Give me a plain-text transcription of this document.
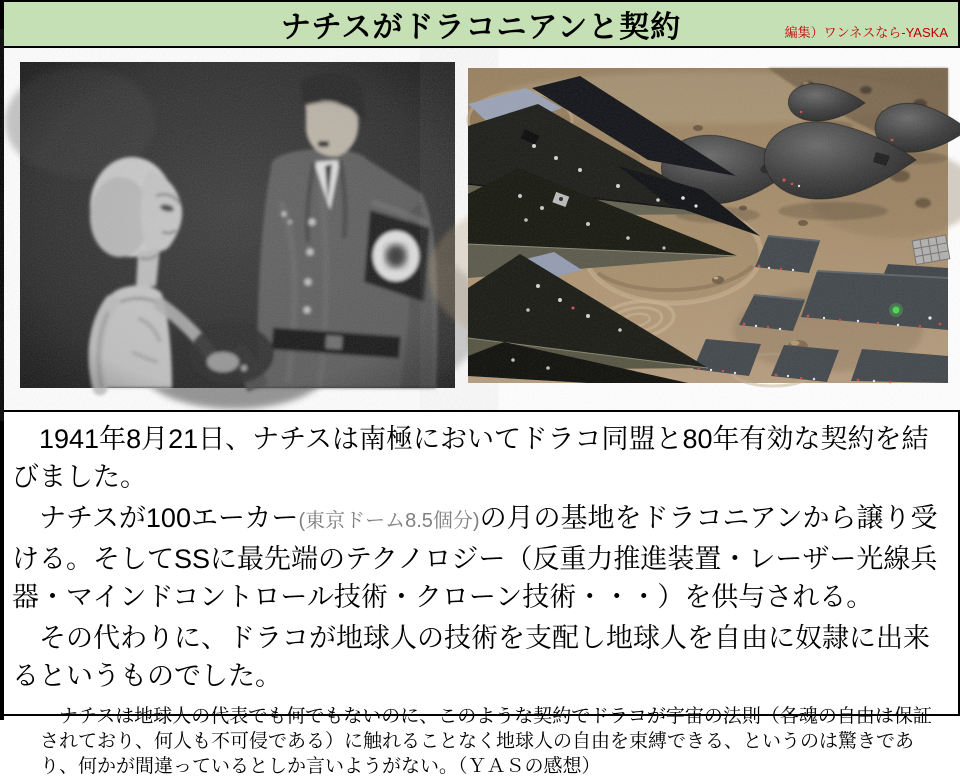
ナチスがドラコニアンと契約	編集）ワンネスなら-YASKA

　1941年8月21日、ナチスは南極においてドラコ同盟と80年有効な契約を結びました。

　ナチスが100エーカー(東京ドーム8.5個分)の月の基地をドラコニアンから譲り受ける。そしてSSに最先端のテクノロジー（反重力推進装置・レーザー光線兵器・マインドコントロール技術・クローン技術・・・）を供与される。

　その代わりに、ドラコが地球人の技術を支配し地球人を自由に奴隷に出来るというものでした。

　ナチスは地球人の代表でも何でもないのに、このような契約でドラコが宇宙の法則（各魂の自由は保証されており、何人も不可侵である）に触れることなく地球人の自由を束縛できる、というのは驚きであり、何かが間違っているとしか言いようがない。（ＹＡＳの感想）
